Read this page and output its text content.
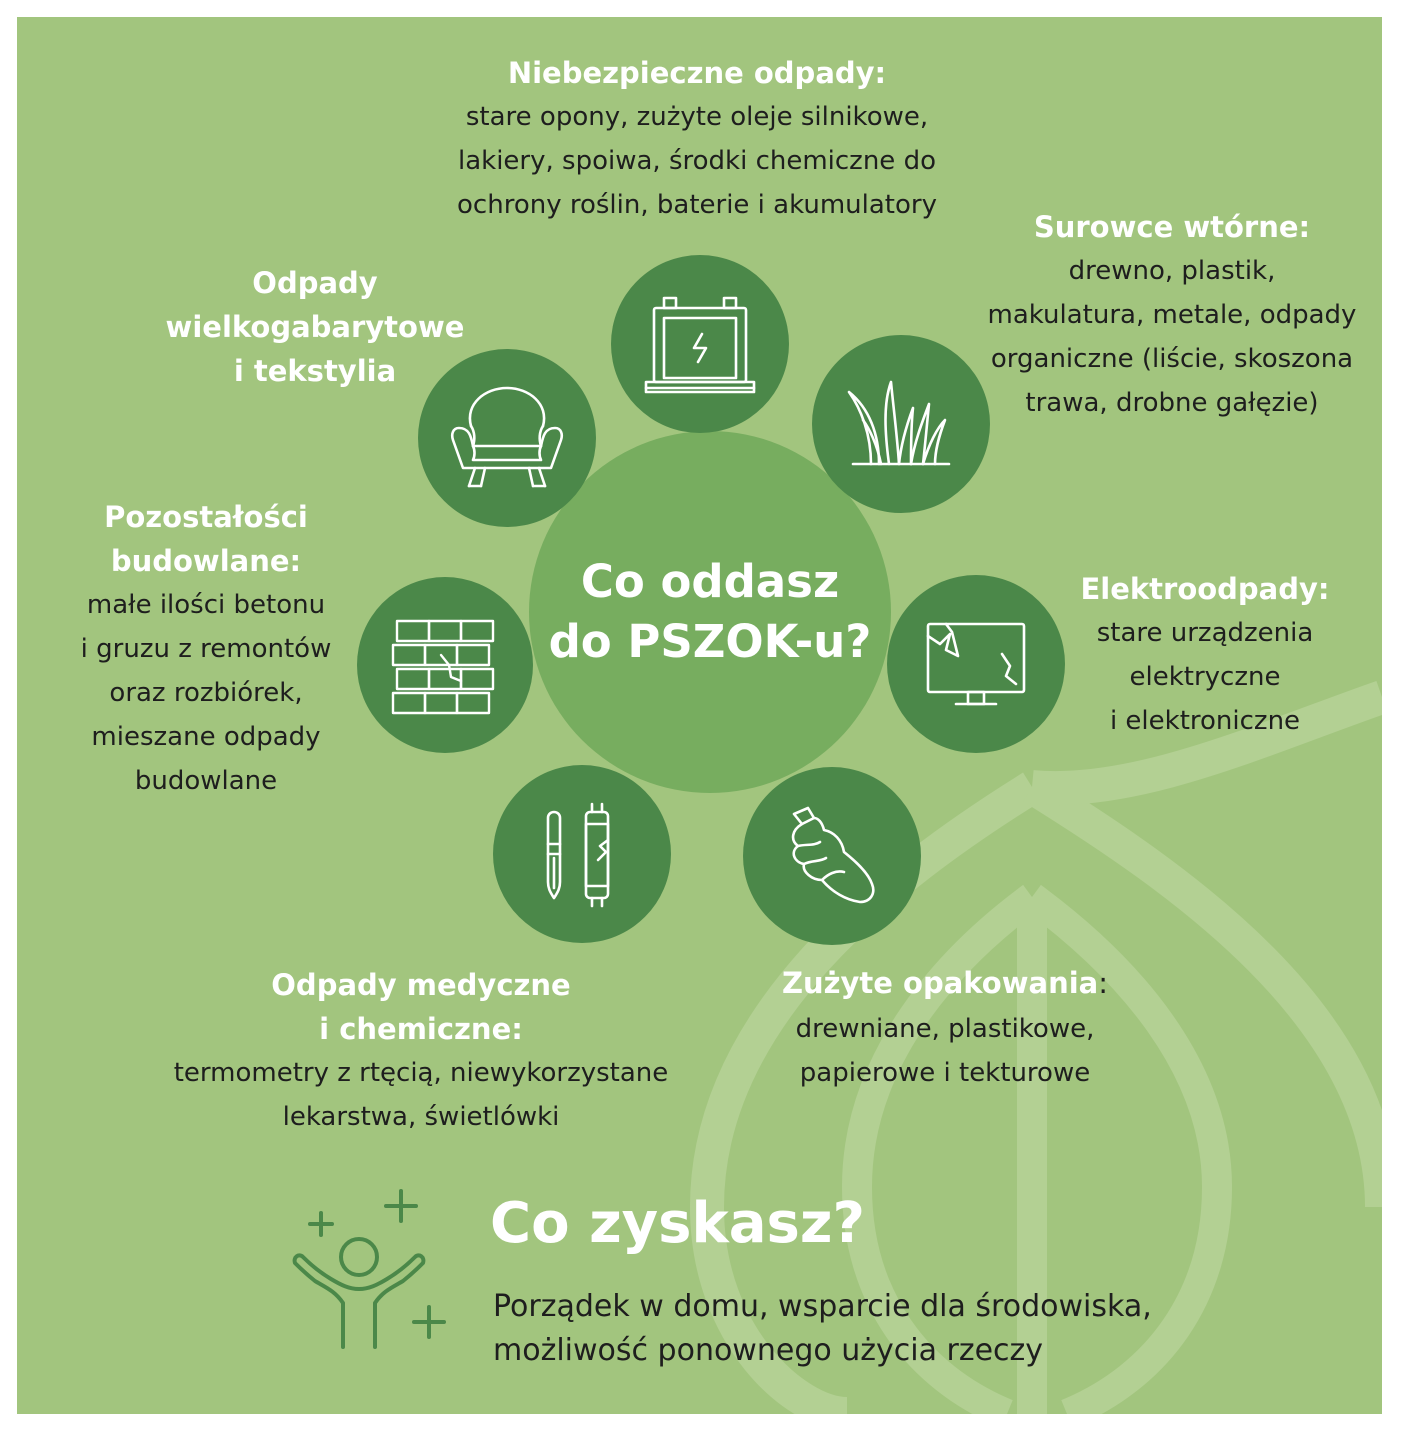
Co oddasz
do PSZOK-u?
Niebezpieczne odpady:
stare opony, zużyte oleje silnikowe,
lakiery, spoiwa, środki chemiczne do
ochrony roślin, baterie i akumulatory
Surowce wtórne:
drewno, plastik,
makulatura, metale, odpady
organiczne (liście, skoszona
trawa, drobne gałęzie)
Elektroodpady:
stare urządzenia
elektryczne
i elektroniczne
Zużyte opakowania:
drewniane, plastikowe,
papierowe i tekturowe
Odpady medyczne
i chemiczne:
termometry z rtęcią, niewykorzystane
lekarstwa, świetlówki
Pozostałości
budowlane:
małe ilości betonu
i gruzu z remontów
oraz rozbiórek,
mieszane odpady
budowlane
Odpady
wielkogabarytowe
i tekstylia
Co zyskasz?
Porządek w domu, wsparcie dla środowiska,
możliwość ponownego użycia rzeczy
